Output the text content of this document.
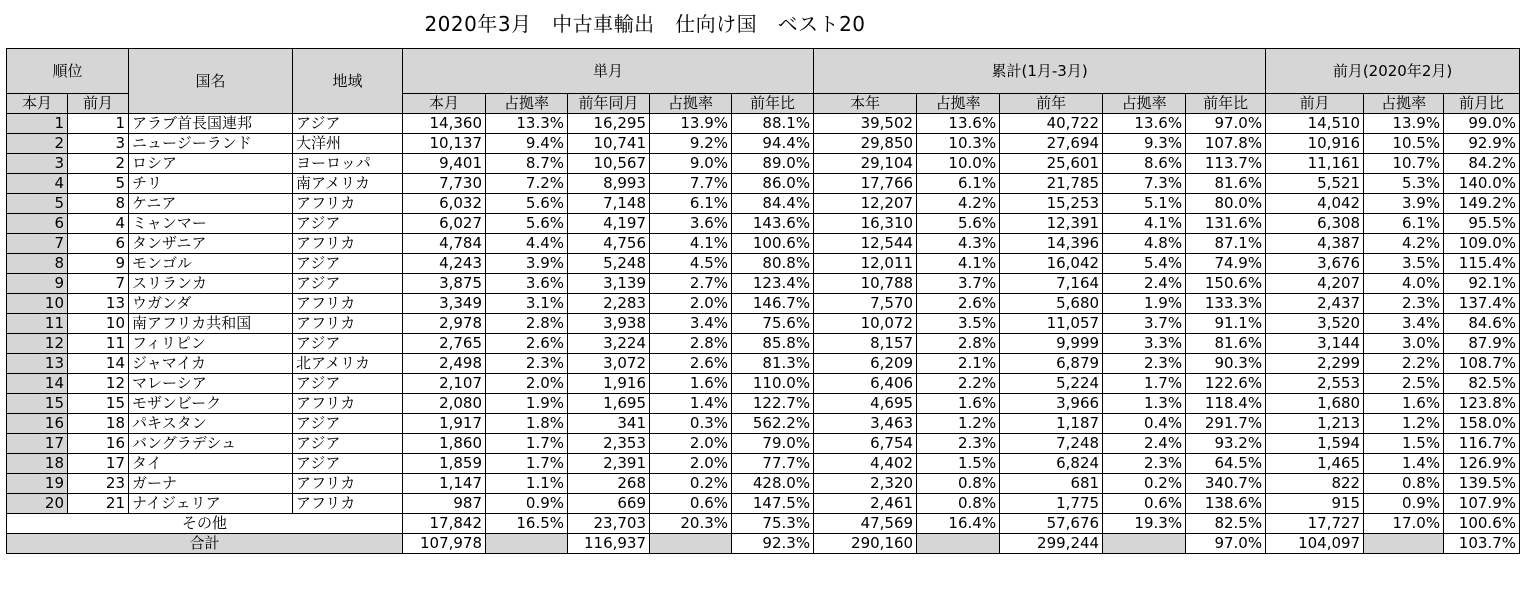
2020年3月　中古車輸出　仕向け国　ベスト20
順位		国名	地域	単月					累計(1月-3月)					前月(2020年2月)		
本月	前月			本月	占拠率	前年同月	占拠率	前年比	本年	占拠率	前年	占拠率	前年比	前月	占拠率	前月比
1	1	アラブ首長国連邦	アジア	14,360	13.3%	16,295	13.9%	88.1%	39,502	13.6%	40,722	13.6%	97.0%	14,510	13.9%	99.0%
2	3	ニュージーランド	大洋州	10,137	9.4%	10,741	9.2%	94.4%	29,850	10.3%	27,694	9.3%	107.8%	10,916	10.5%	92.9%
3	2	ロシア	ヨーロッパ	9,401	8.7%	10,567	9.0%	89.0%	29,104	10.0%	25,601	8.6%	113.7%	11,161	10.7%	84.2%
4	5	チリ	南アメリカ	7,730	7.2%	8,993	7.7%	86.0%	17,766	6.1%	21,785	7.3%	81.6%	5,521	5.3%	140.0%
5	8	ケニア	アフリカ	6,032	5.6%	7,148	6.1%	84.4%	12,207	4.2%	15,253	5.1%	80.0%	4,042	3.9%	149.2%
6	4	ミャンマー	アジア	6,027	5.6%	4,197	3.6%	143.6%	16,310	5.6%	12,391	4.1%	131.6%	6,308	6.1%	95.5%
7	6	タンザニア	アフリカ	4,784	4.4%	4,756	4.1%	100.6%	12,544	4.3%	14,396	4.8%	87.1%	4,387	4.2%	109.0%
8	9	モンゴル	アジア	4,243	3.9%	5,248	4.5%	80.8%	12,011	4.1%	16,042	5.4%	74.9%	3,676	3.5%	115.4%
9	7	スリランカ	アジア	3,875	3.6%	3,139	2.7%	123.4%	10,788	3.7%	7,164	2.4%	150.6%	4,207	4.0%	92.1%
10	13	ウガンダ	アフリカ	3,349	3.1%	2,283	2.0%	146.7%	7,570	2.6%	5,680	1.9%	133.3%	2,437	2.3%	137.4%
11	10	南アフリカ共和国	アフリカ	2,978	2.8%	3,938	3.4%	75.6%	10,072	3.5%	11,057	3.7%	91.1%	3,520	3.4%	84.6%
12	11	フィリピン	アジア	2,765	2.6%	3,224	2.8%	85.8%	8,157	2.8%	9,999	3.3%	81.6%	3,144	3.0%	87.9%
13	14	ジャマイカ	北アメリカ	2,498	2.3%	3,072	2.6%	81.3%	6,209	2.1%	6,879	2.3%	90.3%	2,299	2.2%	108.7%
14	12	マレーシア	アジア	2,107	2.0%	1,916	1.6%	110.0%	6,406	2.2%	5,224	1.7%	122.6%	2,553	2.5%	82.5%
15	15	モザンビーク	アフリカ	2,080	1.9%	1,695	1.4%	122.7%	4,695	1.6%	3,966	1.3%	118.4%	1,680	1.6%	123.8%
16	18	パキスタン	アジア	1,917	1.8%	341	0.3%	562.2%	3,463	1.2%	1,187	0.4%	291.7%	1,213	1.2%	158.0%
17	16	バングラデシュ	アジア	1,860	1.7%	2,353	2.0%	79.0%	6,754	2.3%	7,248	2.4%	93.2%	1,594	1.5%	116.7%
18	17	タイ	アジア	1,859	1.7%	2,391	2.0%	77.7%	4,402	1.5%	6,824	2.3%	64.5%	1,465	1.4%	126.9%
19	23	ガーナ	アフリカ	1,147	1.1%	268	0.2%	428.0%	2,320	0.8%	681	0.2%	340.7%	822	0.8%	139.5%
20	21	ナイジェリア	アフリカ	987	0.9%	669	0.6%	147.5%	2,461	0.8%	1,775	0.6%	138.6%	915	0.9%	107.9%
その他				17,842	16.5%	23,703	20.3%	75.3%	47,569	16.4%	57,676	19.3%	82.5%	17,727	17.0%	100.6%
合計				107,978		116,937		92.3%	290,160		299,244		97.0%	104,097		103.7%
